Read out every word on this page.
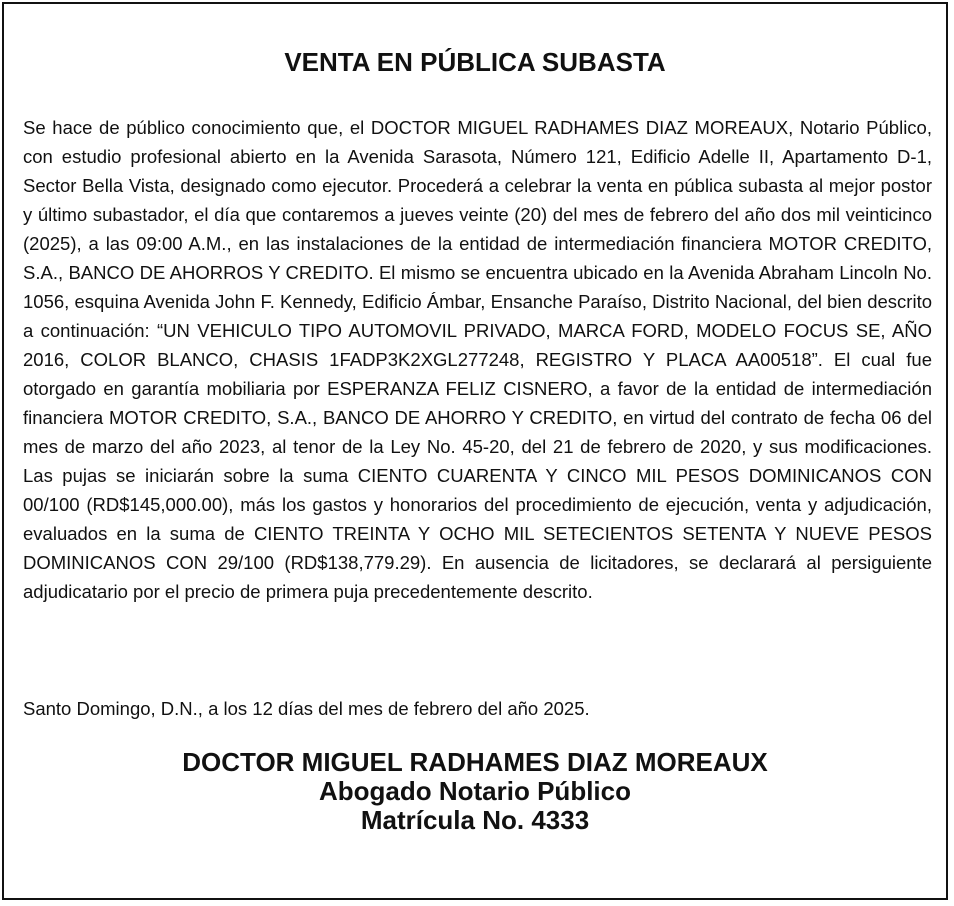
VENTA EN PÚBLICA SUBASTA

Se hace de público conocimiento que, el DOCTOR MIGUEL RADHAMES DIAZ MOREAUX, Notario Público, con estudio profesional abierto en la Avenida Sarasota, Número 121, Edificio Adelle II, Apartamento D-1, Sector Bella Vista, designado como ejecutor. Procederá a celebrar la venta en pública subasta al mejor postor y último subastador, el día que contaremos a jueves veinte (20) del mes de febrero del año dos mil veinticinco (2025), a las 09:00 A.M., en las instalaciones de la entidad de intermediación financiera MOTOR CREDITO, S.A., BANCO DE AHORROS Y CREDITO. El mismo se encuentra ubicado en la Avenida Abraham Lincoln No. 1056, esquina Avenida John F. Kennedy, Edificio Ámbar, Ensanche Paraíso, Distrito Nacional, del bien descrito a continuación: “UN VEHICULO TIPO AUTOMOVIL PRIVADO, MARCA FORD, MODELO FOCUS SE, AÑO 2016, COLOR BLANCO, CHASIS 1FADP3K2XGL277248, REGISTRO Y PLACA AA00518”. El cual fue otorgado en garantía mobiliaria por ESPERANZA FELIZ CISNERO, a favor de la entidad de intermediación financiera MOTOR CREDITO, S.A., BANCO DE AHORRO Y CREDITO, en virtud del contrato de fecha 06 del mes de marzo del año 2023, al tenor de la Ley No. 45-20, del 21 de febrero de 2020, y sus modificaciones. Las pujas se iniciarán sobre la suma CIENTO CUARENTA Y CINCO MIL PESOS DOMINICANOS CON 00/100 (RD$145,000.00), más los gastos y honorarios del procedimiento de ejecución, venta y adjudicación, evaluados en la suma de CIENTO TREINTA Y OCHO MIL SETECIENTOS SETENTA Y NUEVE PESOS DOMINICANOS CON 29/100 (RD$138,779.29). En ausencia de licitadores, se declarará al persiguiente adjudicatario por el precio de primera puja precedentemente descrito.

Santo Domingo, D.N., a los 12 días del mes de febrero del año 2025.

DOCTOR MIGUEL RADHAMES DIAZ MOREAUX
Abogado Notario Público
Matrícula No. 4333
